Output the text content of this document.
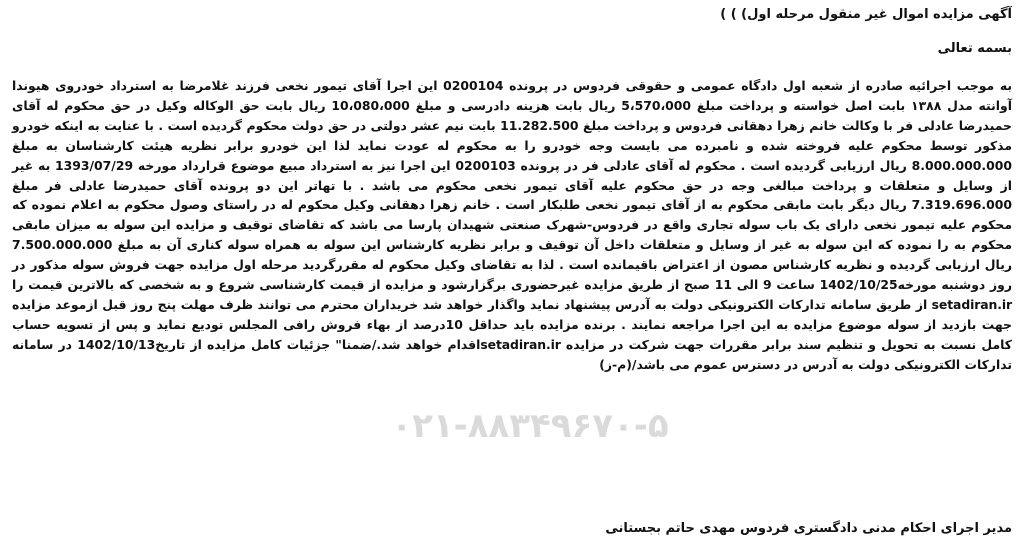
آگهی مزایده اموال غیر منقول مرحله اول) ) )
بسمه تعالی
به موجب اجرائیه صادره از شعبه اول دادگاه عمومی و حقوقی فردوس در پرونده 0200104 این اجرا آقای تیمور نخعی فرزند غلامرضا به استرداد خودروی هیوندا آوانته مدل ۱۳۸۸ بابت اصل خواسته و پرداخت مبلغ 5،570،000 ریال بابت هزینه دادرسی و مبلغ 10،080،000 ریال بابت حق الوکاله وکیل در حق محکوم له آقای حمیدرضا عادلی فر با وکالت خانم زهرا دهقانی فردوس و پرداخت مبلغ 11.282.500 بابت نیم عشر دولتی در حق دولت محکوم گردیده است . با عنایت به اینکه خودرو مذکور توسط محکوم علیه فروخته شده و نامبرده می بایست وجه خودرو را به محکوم له عودت نماید لذا این خودرو برابر نظریه هیئت کارشناسان به مبلغ 8.000.000.000 ریال ارزیابی گردیده است . محکوم له آقای عادلی فر در پرونده 0200103 این اجرا نیز به استرداد مبیع موضوع قرارداد مورخه 1393/07/29 به غیر از وسایل و متعلقات و پرداخت مبالغی وجه در حق محکوم علیه آقای تیمور نخعی محکوم می باشد . با تهاتر این دو پرونده آقای حمیدرضا عادلی فر مبلغ 7.319.696.000 ریال دیگر بابت مابقی محکوم به از آقای تیمور نخعی طلبکار است . خانم زهرا دهقانی وکیل محکوم له در راستای وصول محکوم به اعلام نموده که محکوم علیه تیمور نخعی دارای یک باب سوله تجاری واقع در فردوس-شهرک صنعتی شهیدان پارسا می باشد که تقاضای توقیف و مزایده این سوله به میزان مابقی محکوم به را نموده که این سوله به غیر از وسایل و متعلقات داخل آن توقیف و برابر نظریه کارشناس این سوله به همراه سوله کناری آن به مبلغ 7.500.000.000 ریال ارزیابی گردیده و نظریه کارشناس مصون از اعتراض باقیمانده است . لذا به تقاضای وکیل محکوم له مقررگردید مرحله اول مزایده جهت فروش سوله مذکور در روز دوشنبه مورخه1402/10/25 ساعت 9 الی 11 صبح از طریق مزایده غیرحضوری برگزارشود و مزایده از قیمت کارشناسی شروع و به شخصی که بالاترین قیمت را setadiran.ir از طریق سامانه تدارکات الکترونیکی دولت به آدرس پیشنهاد نماید واگذار خواهد شد خریداران محترم می توانند ظرف مهلت پنج روز قبل ازموعد مزایده جهت بازدید از سوله موضوع مزایده به این اجرا مراجعه نمایند . برنده مزایده باید حداقل 10درصد از بهاء فروش رافی المجلس تودیع نماید و پس از تسویه حساب کامل نسبت به تحویل و تنظیم سند برابر مقررات جهت شرکت در مزایده setadiran.irاقدام خواهد شد./ضمنا" جزئیات کامل مزایده از تاریخ1402/10/13 در سامانه تدارکات الکترونیکی دولت به آدرس در دسترس عموم می باشد/(م-ز)
۰۲۱-۸۸۳۴۹۶۷۰-۵
مدیر اجرای احکام مدنی دادگستری فردوس مهدی حاتم بجستانی
